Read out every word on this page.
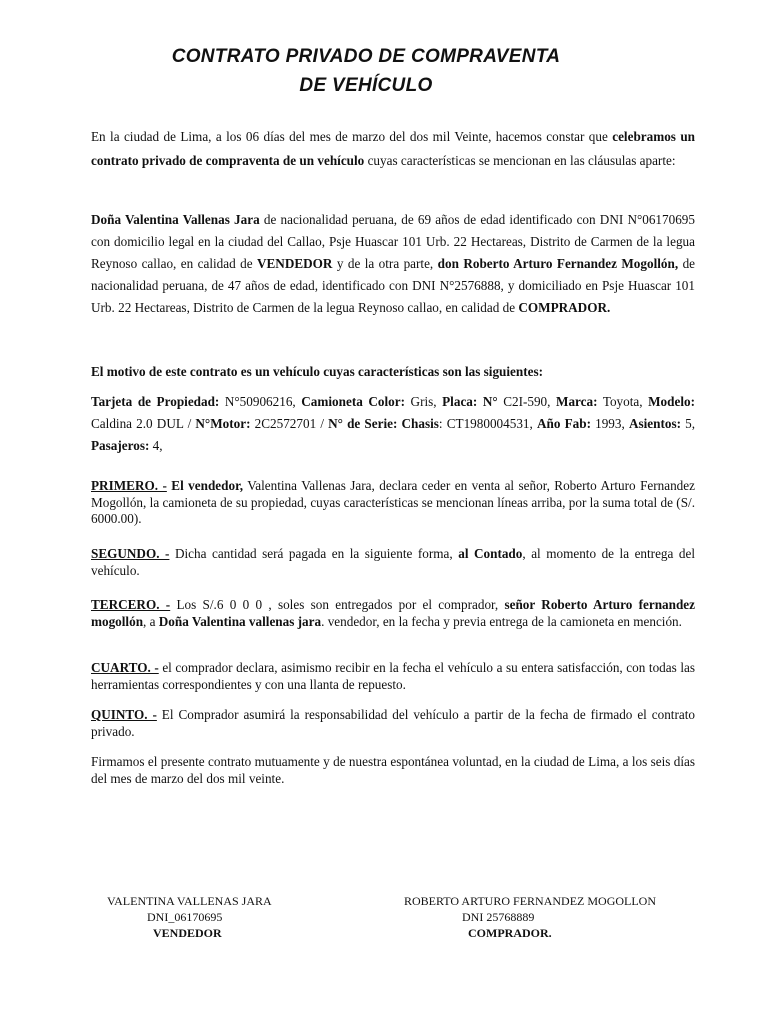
CONTRATO PRIVADO DE COMPRAVENTA
DE VEHÍCULO
En la ciudad de Lima, a los 06 días del mes de marzo del dos mil Veinte, hacemos constar que celebramos un contrato privado de compraventa de un vehículo cuyas características se mencionan en las cláusulas aparte:
Doña Valentina Vallenas Jara de nacionalidad peruana, de 69 años de edad identificado con DNI N°06170695 con domicilio legal en la ciudad del Callao, Psje Huascar 101 Urb. 22 Hectareas, Distrito de Carmen de la legua Reynoso callao, en calidad de VENDEDOR y de la otra parte, don Roberto Arturo Fernandez Mogollón, de nacionalidad peruana, de 47 años de edad, identificado con DNI N°2576888, y domiciliado en Psje Huascar 101 Urb. 22 Hectareas, Distrito de Carmen de la legua Reynoso callao, en calidad de COMPRADOR.
El motivo de este contrato es un vehículo cuyas características son las siguientes:
Tarjeta de Propiedad: N°50906216, Camioneta Color: Gris, Placa: N° C2I-590, Marca: Toyota, Modelo: Caldina 2.0 DUL / N°Motor: 2C2572701 / N° de Serie: Chasis: CT1980004531, Año Fab: 1993, Asientos: 5, Pasajeros: 4,
PRIMERO. - El vendedor, Valentina Vallenas Jara, declara ceder en venta al señor, Roberto Arturo Fernandez Mogollón, la camioneta de su propiedad, cuyas características se mencionan líneas arriba, por la suma total de (S/. 6000.00).
SEGUNDO. - Dicha cantidad será pagada en la siguiente forma, al Contado, al momento de la entrega del vehículo.
TERCERO. - Los S/.6 0 0 0 , soles son entregados por el comprador, señor Roberto Arturo fernandez mogollón, a Doña Valentina vallenas jara. vendedor, en la fecha y previa entrega de la camioneta en mención.
CUARTO. - el comprador declara, asimismo recibir en la fecha el vehículo a su entera satisfacción, con todas las herramientas correspondientes y con una llanta de repuesto.
QUINTO. - El Comprador asumirá la responsabilidad del vehículo a partir de la fecha de firmado el contrato privado.
Firmamos el presente contrato mutuamente y de nuestra espontánea voluntad, en la ciudad de Lima, a los seis días del mes de marzo del dos mil veinte.
VALENTINA VALLENAS JARA
DNI_06170695
VENDEDOR
ROBERTO ARTURO FERNANDEZ MOGOLLON
DNI 25768889
COMPRADOR.
